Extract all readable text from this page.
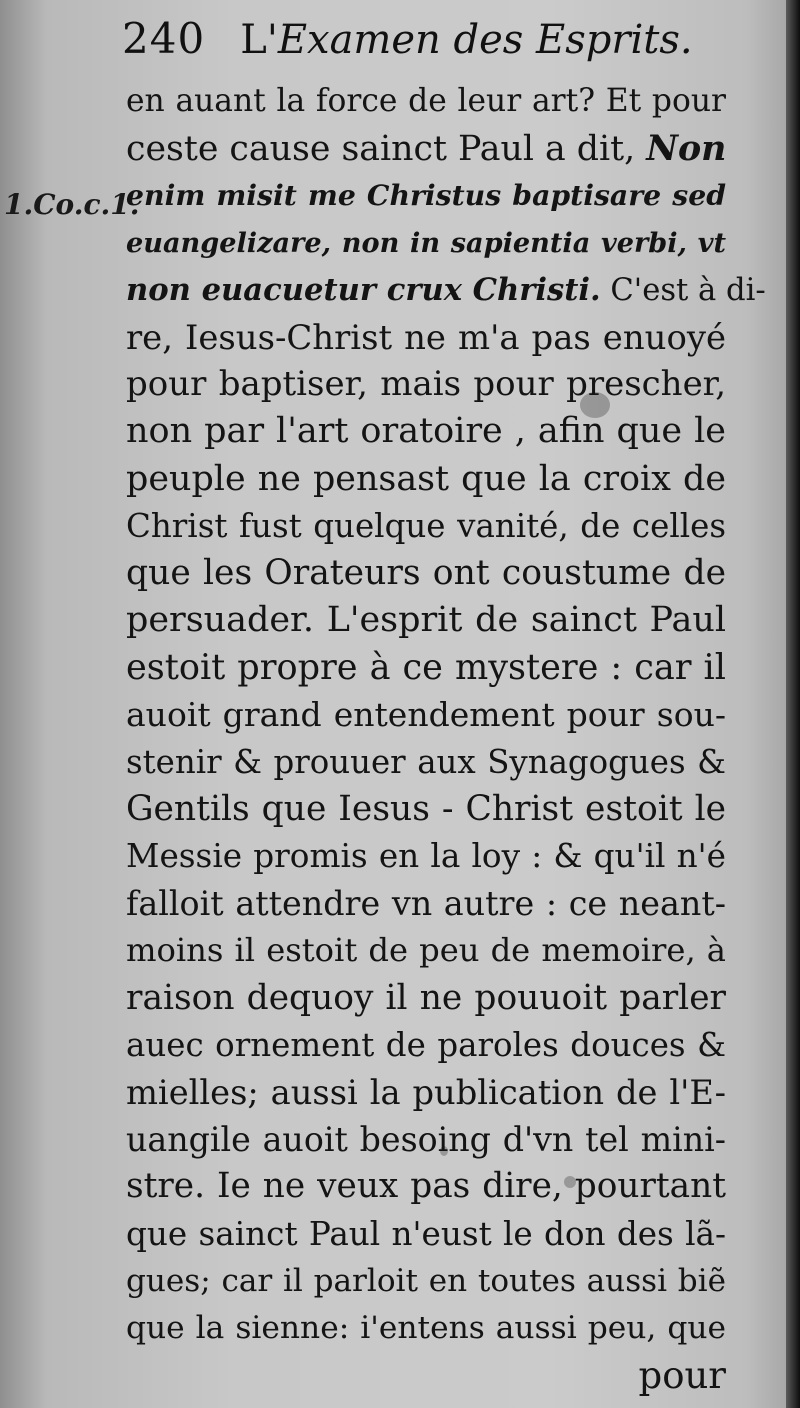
240 L'Examen des Esprits.
1.Co.c.1.
en auant la force de leur art? Et pour
ceste cause sainct Paul a dit, Non
enim misit me Christus baptisare sed
euangelizare, non in sapientia verbi, vt
non euacuetur crux Christi. C'est à di-
re, Iesus-Christ ne m'a pas enuoyé
pour baptiser, mais pour prescher,
non par l'art oratoire , afin que le
peuple ne pensast que la croix de
Christ fust quelque vanité, de celles
que les Orateurs ont coustume de
persuader. L'esprit de sainct Paul
estoit propre à ce mystere : car il
auoit grand entendement pour sou-
stenir & prouuer aux Synagogues &
Gentils que Iesus - Christ estoit le
Messie promis en la loy : & qu'il n'é
falloit attendre vn autre : ce neant-
moins il estoit de peu de memoire, à
raison dequoy il ne pouuoit parler
auec ornement de paroles douces &
mielles; aussi la publication de l'E-
uangile auoit besoing d'vn tel mini-
stre. Ie ne veux pas dire, pourtant
que sainct Paul n'eust le don des lã-
gues; car il parloit en toutes aussi biẽ
que la sienne: i'entens aussi peu, que
pour
